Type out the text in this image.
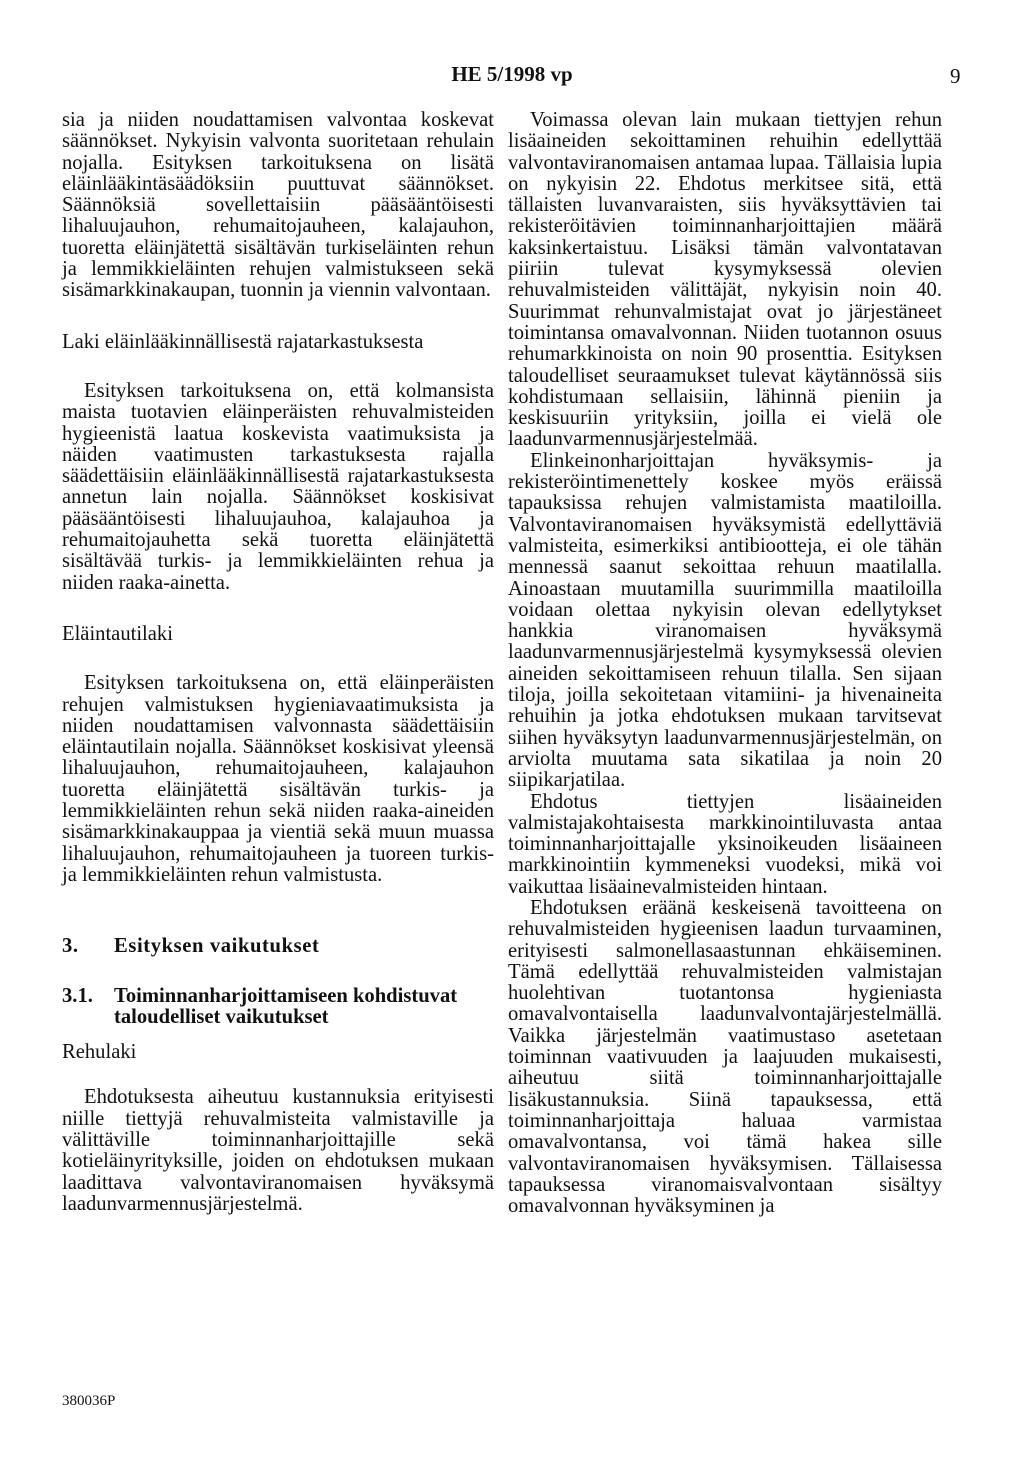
HE 5/1998 vp	9

sia ja niiden noudattamisen valvontaa koskevat säännökset. Nykyisin valvonta suoritetaan rehulain nojalla. Esityksen tarkoituksena on lisätä eläinlääkintäsäädöksiin puuttuvat säännökset. Säännöksiä sovellettaisiin pääsääntöisesti lihaluujauhon, rehumaitojauheen, kalajauhon, tuoretta eläinjätettä sisältävän turkiseläinten rehun ja lemmikkieläinten rehujen valmistukseen sekä sisämarkkinakaupan, tuonnin ja viennin valvontaan.

Laki eläinlääkinnällisestä rajatarkastuksesta

Esityksen tarkoituksena on, että kolmansista maista tuotavien eläinperäisten rehuvalmisteiden hygieenistä laatua koskevista vaatimuksista ja näiden vaatimusten tarkastuksesta rajalla säädettäisiin eläinlääkinnällisestä rajatarkastuksesta annetun lain nojalla. Säännökset koskisivat pääsääntöisesti lihaluujauhoa, kalajauhoa ja rehumaitojauhetta sekä tuoretta eläinjätettä sisältävää turkis- ja lemmikkieläinten rehua ja niiden raaka-ainetta.

Eläintautilaki

Esityksen tarkoituksena on, että eläinperäisten rehujen valmistuksen hygieniavaatimuksista ja niiden noudattamisen valvonnasta säädettäisiin eläintautilain nojalla. Säännökset koskisivat yleensä lihaluujauhon, rehumaitojauheen, kalajauhon tuoretta eläinjätettä sisältävän turkis- ja lemmikkieläinten rehun sekä niiden raaka-aineiden sisämarkkinakauppaa ja vientiä sekä muun muassa lihaluujauhon, rehumaitojauheen ja tuoreen turkis- ja lemmikkieläinten rehun valmistusta.

3.	Esityksen vaikutukset
3.1.	Toiminnanharjoittamiseen kohdistuvat taloudelliset vaikutukset
Rehulaki

Ehdotuksesta aiheutuu kustannuksia erityisesti niille tiettyjä rehuvalmisteita valmistaville ja välittäville toiminnanharjoittajille sekä kotieläinyrityksille, joiden on ehdotuksen mukaan laadittava valvontaviranomaisen hyväksymä laadunvarmennusjärjestelmä.

Voimassa olevan lain mukaan tiettyjen rehun lisäaineiden sekoittaminen rehuihin edellyttää valvontaviranomaisen antamaa lupaa. Tällaisia lupia on nykyisin 22. Ehdotus merkitsee sitä, että tällaisten luvanvaraisten, siis hyväksyttävien tai rekisteröitävien toiminnanharjoittajien määrä kaksinkertaistuu. Lisäksi tämän valvontatavan piiriin tulevat kysymyksessä olevien rehuvalmisteiden välittäjät, nykyisin noin 40. Suurimmat rehunvalmistajat ovat jo järjestäneet toimintansa omavalvonnan. Niiden tuotannon osuus rehumarkkinoista on noin 90 prosenttia. Esityksen taloudelliset seuraamukset tulevat käytännössä siis kohdistumaan sellaisiin, lähinnä pieniin ja keskisuuriin yrityksiin, joilla ei vielä ole laadunvarmennusjärjestelmää.

Elinkeinonharjoittajan hyväksymis- ja rekisteröintimenettely koskee myös eräissä tapauksissa rehujen valmistamista maatiloilla. Valvontaviranomaisen hyväksymistä edellyttäviä valmisteita, esimerkiksi antibiootteja, ei ole tähän mennessä saanut sekoittaa rehuun maatilalla. Ainoastaan muutamilla suurimmilla maatiloilla voidaan olettaa nykyisin olevan edellytykset hankkia viranomaisen hyväksymä laadunvarmennusjärjestelmä kysymyksessä olevien aineiden sekoittamiseen rehuun tilalla. Sen sijaan tiloja, joilla sekoitetaan vitamiini- ja hivenaineita rehuihin ja jotka ehdotuksen mukaan tarvitsevat siihen hyväksytyn laadunvarmennusjärjestelmän, on arviolta muutama sata sikatilaa ja noin 20 siipikarjatilaa.

Ehdotus tiettyjen lisäaineiden valmistajakohtaisesta markkinointiluvasta antaa toiminnanharjoittajalle yksinoikeuden lisäaineen markkinointiin kymmeneksi vuodeksi, mikä voi vaikuttaa lisäainevalmisteiden hintaan.

Ehdotuksen eräänä keskeisenä tavoitteena on rehuvalmisteiden hygieenisen laadun turvaaminen, erityisesti salmonellasaastunnan ehkäiseminen. Tämä edellyttää rehuvalmisteiden valmistajan huolehtivan tuotantonsa hygieniasta omavalvontaisella laadunvalvontajärjestelmällä. Vaikka järjestelmän vaatimustaso asetetaan toiminnan vaativuuden ja laajuuden mukaisesti, aiheutuu siitä toiminnanharjoittajalle lisäkustannuksia. Siinä tapauksessa, että toiminnanharjoittaja haluaa varmistaa omavalvontansa, voi tämä hakea sille valvontaviranomaisen hyväksymisen. Tällaisessa tapauksessa viranomaisvalvontaan sisältyy omavalvonnan hyväksyminen ja

380036P
